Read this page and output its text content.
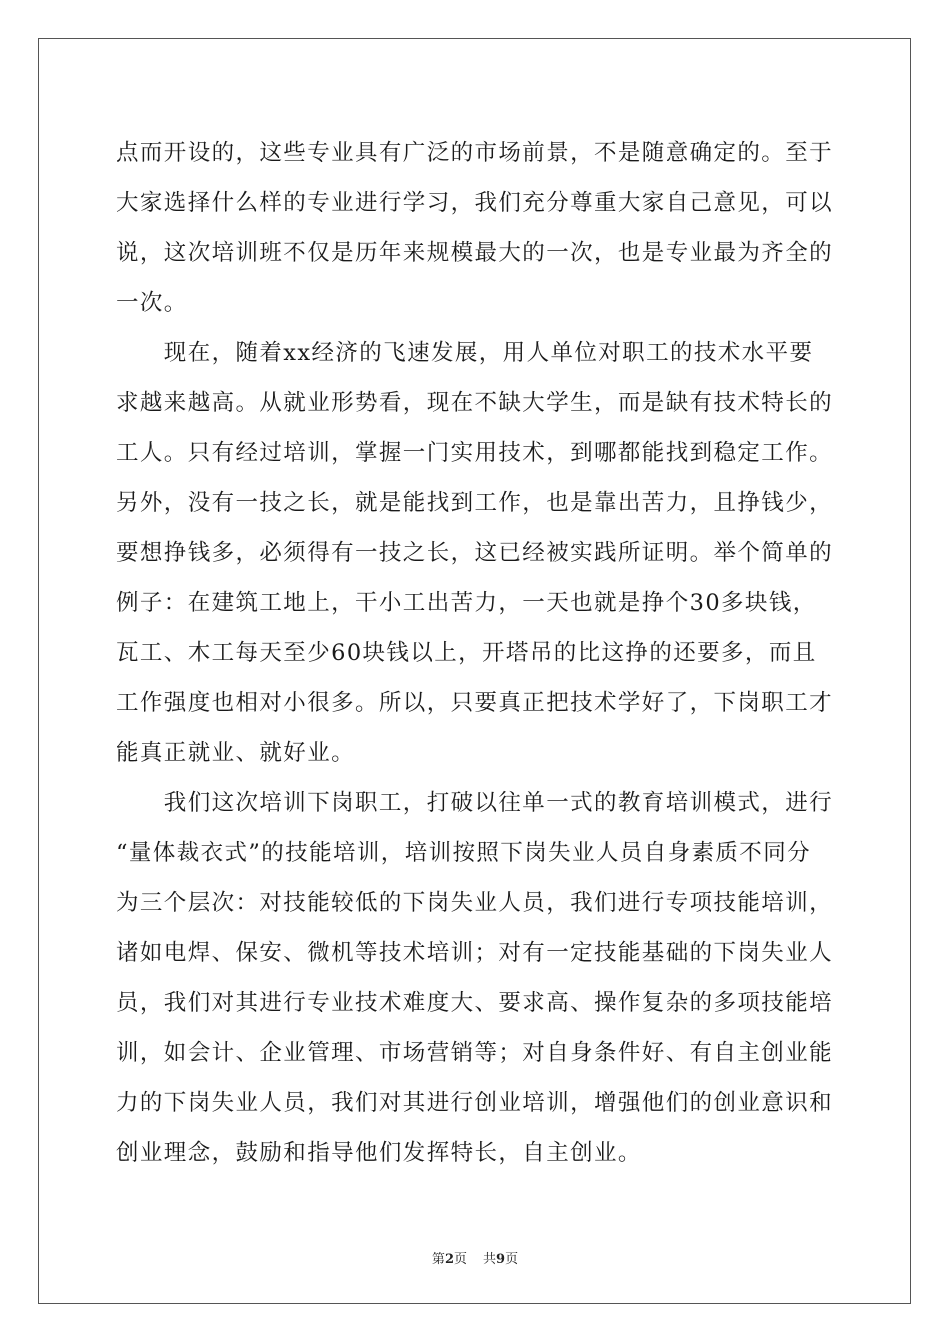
点而开设的，这些专业具有广泛的市场前景，不是随意确定的。至于
大家选择什么样的专业进行学习，我们充分尊重大家自己意见，可以
说，这次培训班不仅是历年来规模最大的一次，也是专业最为齐全的
一次。
　　现在，随着xx经济的飞速发展，用人单位对职工的技术水平要
求越来越高。从就业形势看，现在不缺大学生，而是缺有技术特长的
工人。只有经过培训，掌握一门实用技术，到哪都能找到稳定工作。
另外，没有一技之长，就是能找到工作，也是靠出苦力，且挣钱少，
要想挣钱多，必须得有一技之长，这已经被实践所证明。举个简单的
例子：在建筑工地上，干小工出苦力，一天也就是挣个30多块钱，
瓦工、木工每天至少60块钱以上，开塔吊的比这挣的还要多，而且
工作强度也相对小很多。所以，只要真正把技术学好了，下岗职工才
能真正就业、就好业。
　　我们这次培训下岗职工，打破以往单一式的教育培训模式，进行
“量体裁衣式”的技能培训，培训按照下岗失业人员自身素质不同分
为三个层次：对技能较低的下岗失业人员，我们进行专项技能培训，
诸如电焊、保安、微机等技术培训；对有一定技能基础的下岗失业人
员，我们对其进行专业技术难度大、要求高、操作复杂的多项技能培
训，如会计、企业管理、市场营销等；对自身条件好、有自主创业能
力的下岗失业人员，我们对其进行创业培训，增强他们的创业意识和
创业理念，鼓励和指导他们发挥特长，自主创业。
第2页 共9页
